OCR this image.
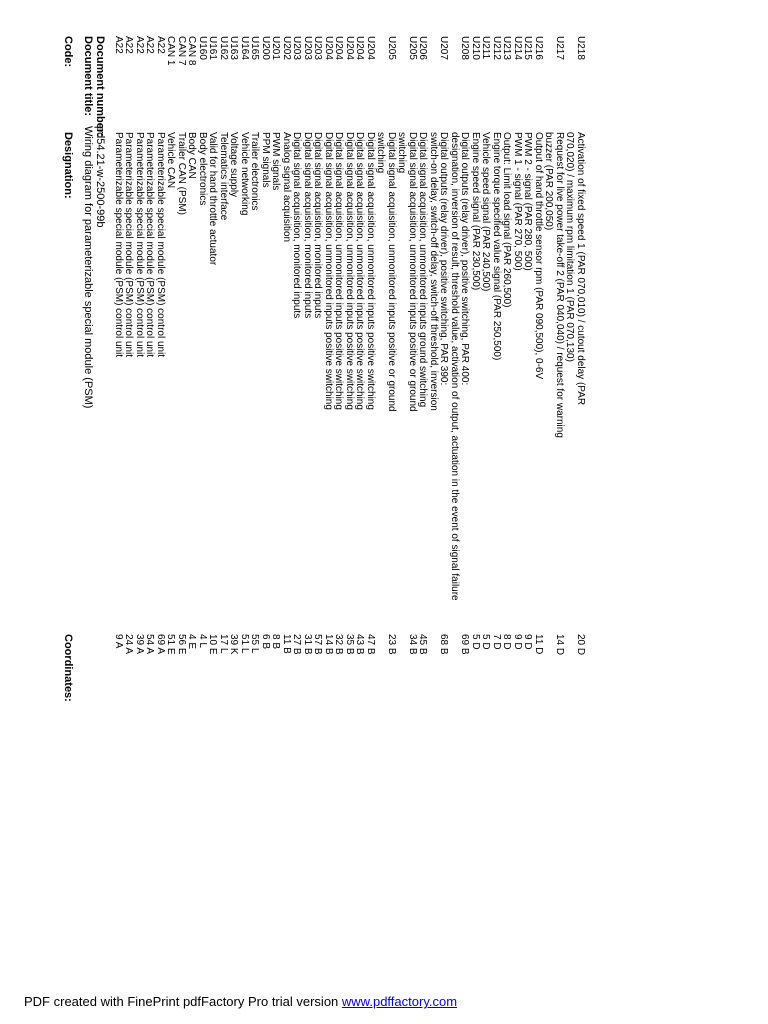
Document number:
pd54.21-w-2500-99b
Document title:
Wiring diagram for parameterizable special module (PSM)
Code:
Designation:
Coordinates:
A22
Parameterizable special module (PSM) control unit
9 A
A22
Parameterizable special module (PSM) control unit
24 A
A22
Parameterizable special module (PSM) control unit
39 A
A22
Parameterizable special module (PSM) control unit
54 A
A22
Parameterizable special module (PSM) control unit
69 A
CAN 1
Vehicle CAN
51 E
CAN 7
Trailer CAN (PSM)
56 E
CAN 8
Body CAN
4 E
U160
Body electronics
4 L
U161
Valid for hand throttle actuator
10 E
U162
Telematics interface
17 L
U163
Voltage supply
39 K
U164
Vehicle networking
51 L
U165
Trailer electronics
55 L
U200
PPM signals
6 B
U201
PWM signals
8 B
U202
Analog signal acquisition
11 B
U203
Digital signal acquisition, monitored inputs
27 B
U203
Digital signal acquisition, monitored inputs
31 B
U203
Digital signal acquisition, monitored inputs
57 B
U204
Digital signal acquisition, unmonitored inputs positive switching
14 B
U204
Digital signal acquisition, unmonitored inputs positive switching
32 B
U204
Digital signal acquisition, unmonitored inputs positive switching
35 B
U204
Digital signal acquisition, unmonitored inputs positive switching
43 B
U204
Digital signal acquisition, unmonitored inputs positive switching
47 B
U205
Digital signal acquisition, unmonitored inputs positive or ground
switching
23 B
U205
Digital signal acquisition, unmonitored inputs positive or ground
switching
34 B
U206
Digital signal acquisition, unmonitored inputs ground switching
45 B
U207
Digital outputs (relay driver), positive switching, PAR 390:
switch-on delay, switch-off delay, switch-off threshold, inversion
68 B
U208
Digital outputs (relay driver), positive switching, PAR 400:
designation, inversion of result, threshold value, activation of output, actuation in the event of signal failure
69 B
U210
Engine speed signal (PAR 230,500)
5 D
U211
Vehicle speed signal (PAR 240,500)
5 D
U212
Engine torque specified value signal (PAR 250,500)
7 D
U213
Output: Limit load signal (PAR 260,500)
8 D
U214
PWM 1 - signal (PAR 270, 500)
9 D
U215
PWM 2 - signal (PAR 280, 500)
9 D
U216
Output of hand throttle sensor rpm (PAR 090,500), 0-6V
11 D
U217
Request for live power take-off 2 (PAR 040,040) / request for warning
buzzer (PAR 200,050)
14 D
U218
Activation of fixed speed 1 (PAR 070,010) / cutout delay (PAR
070,020) / maximum rpm limitation 1 (PAR 070,130)
20 D
PDF created with FinePrint pdfFactory Pro trial version www.pdffactory.com
